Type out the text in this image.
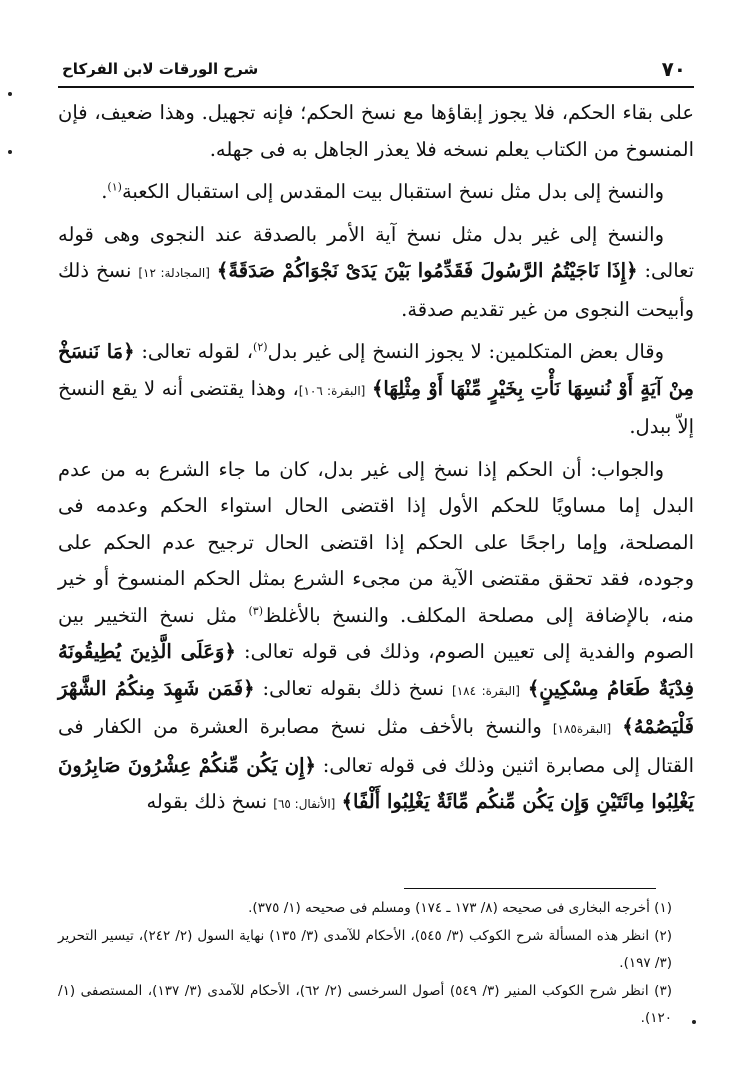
٧٠
شرح الورقات لابن الفركاح

على بقاء الحكم، فلا يجوز إبقاؤها مع نسخ الحكم؛ فإنه تجهيل. وهذا ضعيف، فإن المنسوخ من الكتاب يعلم نسخه فلا يعذر الجاهل به فى جهله.

والنسخ إلى بدل مثل نسخ استقبال بيت المقدس إلى استقبال الكعبة$^{(١)}$.

والنسخ إلى غير بدل مثل نسخ آية الأمر بالصدقة عند النجوى وهى قوله تعالى: ﴿إِذَا نَاجَيْتُمُ الرَّسُولَ فَقَدِّمُوا بَيْنَ يَدَىْ نَجْوَاكُمْ صَدَقَةً﴾ [المجادلة: ١٢] نسخ ذلك وأبيحت النجوى من غير تقديم صدقة.

وقال بعض المتكلمين: لا يجوز النسخ إلى غير بدل$^{(٢)}$، لقوله تعالى: ﴿مَا نَنسَخْ مِنْ آيَةٍ أَوْ نُنسِهَا نَأْتِ بِخَيْرٍ مِّنْهَا أَوْ مِثْلِهَا﴾ [البقرة: ١٠٦]، وهذا يقتضى أنه لا يقع النسخ إلاّ ببدل.

والجواب: أن الحكم إذا نسخ إلى غير بدل، كان ما جاء الشرع به من عدم البدل إما مساويًا للحكم الأول إذا اقتضى الحال استواء الحكم وعدمه فى المصلحة، وإما راجحًا على الحكم إذا اقتضى الحال ترجيح عدم الحكم على وجوده، فقد تحقق مقتضى الآية من مجىء الشرع بمثل الحكم المنسوخ أو خير منه، بالإضافة إلى مصلحة المكلف. والنسخ بالأغلظ$^{(٣)}$ مثل نسخ التخيير بين الصوم والفدية إلى تعيين الصوم، وذلك فى قوله تعالى: ﴿وَعَلَى الَّذِينَ يُطِيقُونَهُ فِدْيَةٌ طَعَامُ مِسْكِينٍ﴾ [البقرة: ١٨٤] نسخ ذلك بقوله تعالى: ﴿فَمَن شَهِدَ مِنكُمُ الشَّهْرَ فَلْيَصُمْهُ﴾ [البقرة١٨٥] والنسخ بالأخف مثل نسخ مصابرة العشرة من الكفار فى القتال إلى مصابرة اثنين وذلك فى قوله تعالى: ﴿إِن يَكُن مِّنكُمْ عِشْرُونَ صَابِرُونَ يَغْلِبُوا مِائَتَيْنِ وَإِن يَكُن مِّنكُم مِّائَةٌ يَغْلِبُوا أَلْفًا﴾ [الأنفال: ٦٥] نسخ ذلك بقوله

(١) أخرجه البخارى فى صحيحه (٨/ ١٧٣ ـ ١٧٤) ومسلم فى صحيحه (١/ ٣٧٥).

(٢) انظر هذه المسألة شرح الكوكب (٣/ ٥٤٥)، الأحكام للآمدى (٣/ ١٣٥) نهاية السول (٢/ ٢٤٢)، تيسير التحرير (٣/ ١٩٧).

(٣) انظر شرح الكوكب المنير (٣/ ٥٤٩) أصول السرخسى (٢/ ٦٢)، الأحكام للآمدى (٣/ ١٣٧)، المستصفى (١/ ١٢٠).
